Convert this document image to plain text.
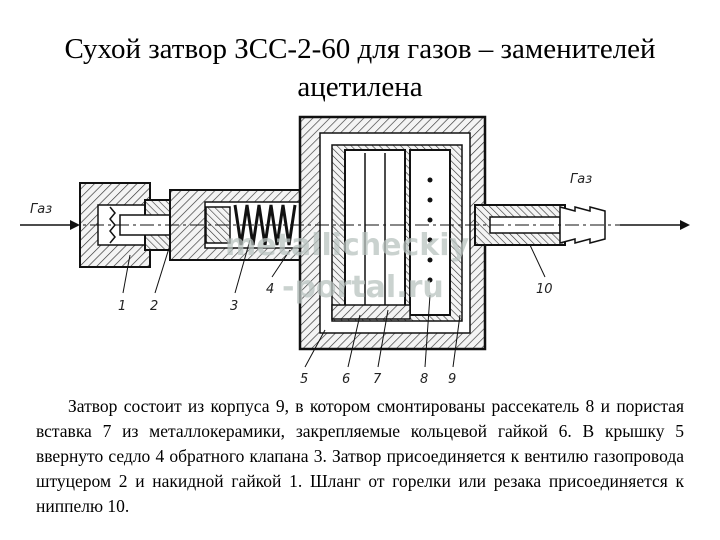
Сухой затвор ЗСС-2-60 для газов – заменителей ацетилена
Газ
Газ
1 2	3
4
5	6 7	8 9
10
metallicheckiy
-portal.ru
Затвор состоит из корпуса 9, в котором смонтированы рассекатель 8 и пористая вставка 7 из металлокерамики, закрепляемые кольцевой гайкой 6. В крышку 5 ввернуто седло 4 обратного клапана 3. Затвор присоединяется к вентилю газопровода штуцером 2 и накидной гайкой 1. Шланг от горелки или резака присоединяется к ниппелю 10.
